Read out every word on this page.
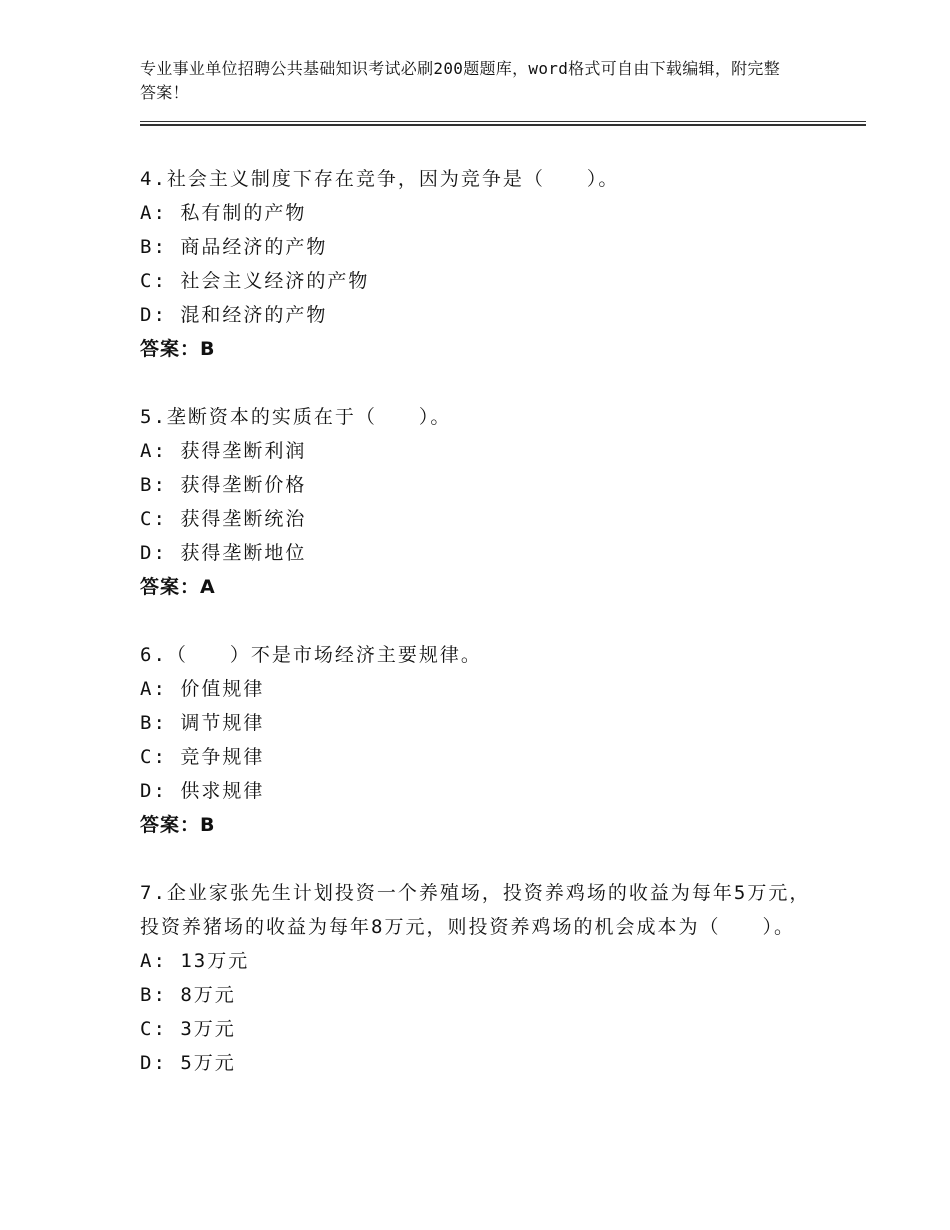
专业事业单位招聘公共基础知识考试必刷200题题库，word格式可自由下载编辑，附完整答案！
4.社会主义制度下存在竞争，因为竞争是（　　）。
A: 私有制的产物
B: 商品经济的产物
C: 社会主义经济的产物
D: 混和经济的产物
答案：B
5.垄断资本的实质在于（　　）。
A: 获得垄断利润
B: 获得垄断价格
C: 获得垄断统治
D: 获得垄断地位
答案：A
6.（　　）不是市场经济主要规律。
A: 价值规律
B: 调节规律
C: 竞争规律
D: 供求规律
答案：B
7.企业家张先生计划投资一个养殖场，投资养鸡场的收益为每年5万元，投资养猪场的收益为每年8万元，则投资养鸡场的机会成本为（　　）。
A: 13万元
B: 8万元
C: 3万元
D: 5万元
